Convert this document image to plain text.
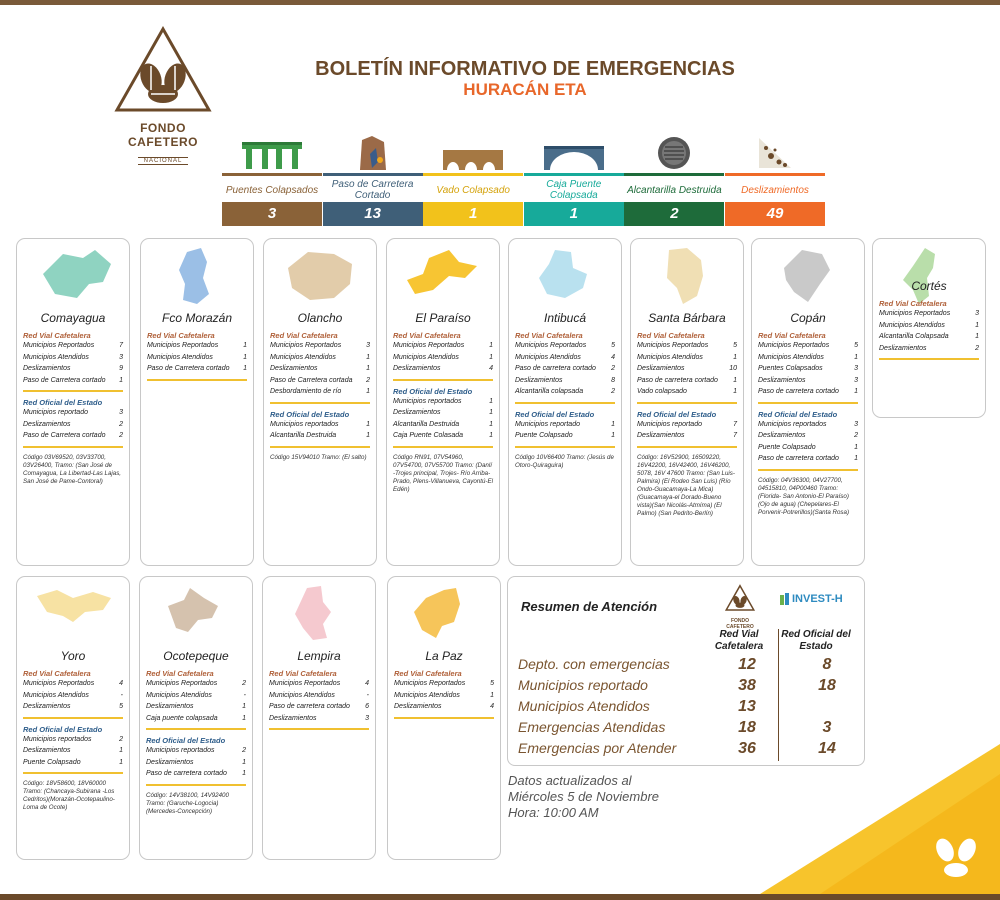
FONDO CAFETERO
NACIONAL
BOLETÍN INFORMATIVO DE EMERGENCIAS
HURACÁN ETA
Puentes Colapsados
3
Paso de Carretera Cortado
13
Vado Colapsado
1
Caja Puente Colapsada
1
Alcantarilla Destruida
2
Deslizamientos
49
Comayagua
Red Vial Cafetalera
Municipios Reportados	7
Municipios Atendidos	3
Deslizamientos	9
Paso de Carretera cortado	1
Red Oficial del Estado
Municipios reportado	3
Deslizamientos	2
Paso de Carretera cortado	2
Código 03V69520, 03V33700, 03V26400, Tramo: (San José de Comayagua, La Libertad-Las Lajas, San José de Pame-Contoral)
Fco Morazán
Red Vial Cafetalera
Municipios Reportados	1
Municipios Atendidos	1
Paso de Carretera cortado	1
Olancho
Red Vial Cafetalera
Municipios Reportados	3
Municipios Atendidos	1
Deslizamientos	1
Paso de Carretera cortada	2
Desbordamiento de río	1
Red Oficial del Estado
Municipios reportados	1
Alcantarilla Destruida	1
Código 15V94010 Tramo: (El salto)
El Paraíso
Red Vial Cafetalera
Municipios Reportados	1
Municipios Atendidos	1
Deslizamientos	4
Red Oficial del Estado
Municipios reportados	1
Deslizamientos	1
Alcantarilla Destruida	1
Caja Puente Colasada	1
Código RN91, 07V54960, 07V54700, 07V55700 Tramo: (Danlí -Trojes principal, Trojes- Río Arriba- Prado, Plens-Villanueva, Cayontú-El Edén)
Intibucá
Red Vial Cafetalera
Municipios Reportados	5
Municipios Atendidos	4
Paso de carretera cortado	2
Deslizamientos	8
Alcantarilla colapsada	2
Red Oficial del Estado
Municipios reportado	1
Puente Colapsado	1
Código 10V66400 Tramo: (Jesús de Otoro-Quiraguira)
Santa Bárbara
Red Vial Cafetalera
Municipios Reportados	5
Municipios Atendidos	1
Deslizamientos	10
Paso de carretera cortado	1
Vado colapsado	1
Red Oficial del Estado
Municipios reportado	7
Deslizamientos	7
Código: 16V52900, 16509220, 16V42200, 16V42400, 16V46200, 5078, 16V 47600 Tramo: (San Luis-Palmira) (El Rodeo San Luis) (Río Ondo-Guacamaya-La Mica) (Guacamaya-el Dorado-Bueno vista)(San Nicolás-Atmíma) (El Palmo) (San Pedrito-Berlín)
Copán
Red Vial Cafetalera
Municipios Reportados	5
Municipios Atendidos	1
Puentes Colapsados	3
Deslizamientos	3
Paso de carretera cortado	1
Red Oficial del Estado
Municipios reportados	3
Deslizamientos	2
Puente Colapsado	1
Paso de carretera cortado	1
Código: 04V36300, 04V27700, 04515810, 04P00460 Tramo: (Florida- San Antonio-El Paraíso) (Ojo de agua) (Chepelares-El Porvenir-Potrerillos)(Santa Rosa)
Cortés
Red Vial Cafetalera
Municipios Reportados	3
Municipios Atendidos	1
Alcantarilla Colapsada	1
Deslizamientos	2
Yoro
Red Vial Cafetalera
Municipios Reportados	4
Municipios Atendidos	-
Deslizamientos	5
Red Oficial del Estado
Municipios reportados	2
Deslizamientos	1
Puente Colapsado	1
Código: 18V58600, 18V60000 Tramo: (Chancaya-Subirana -Los Cedritos)(Morazán-Ocotepaulino-Loma de Ocote)
Ocotepeque
Red Vial Cafetalera
Municipios Reportados	2
Municipios Atendidos	-
Deslizamientos	1
Caja puente colapsada	1
Red Oficial del Estado
Municipios reportados	2
Deslizamientos	1
Paso de carretera cortado	1
Código: 14V38100, 14V92400 Tramo: (Garuche-Logocia) (Mercedes-Concepción)
Lempira
Red Vial Cafetalera
Municipios Reportados	4
Municipios Atendidos	-
Paso de carretera cortado	6
Deslizamientos	3
La Paz
Red Vial Cafetalera
Municipios Reportados	5
Municipios Atendidos	1
Deslizamientos	4
Resumen de Atención
FONDO CAFETERO
INVEST-H
Red Vial Cafetalera
Red Oficial del Estado
Depto. con emergencias	12	8
Municipios reportado	38	18
Municipios Atendidos	13
Emergencias Atendidas	18	3
Emergencias por Atender	36	14
Datos actualizados al
Miércoles 5 de Noviembre
Hora: 10:00 AM
